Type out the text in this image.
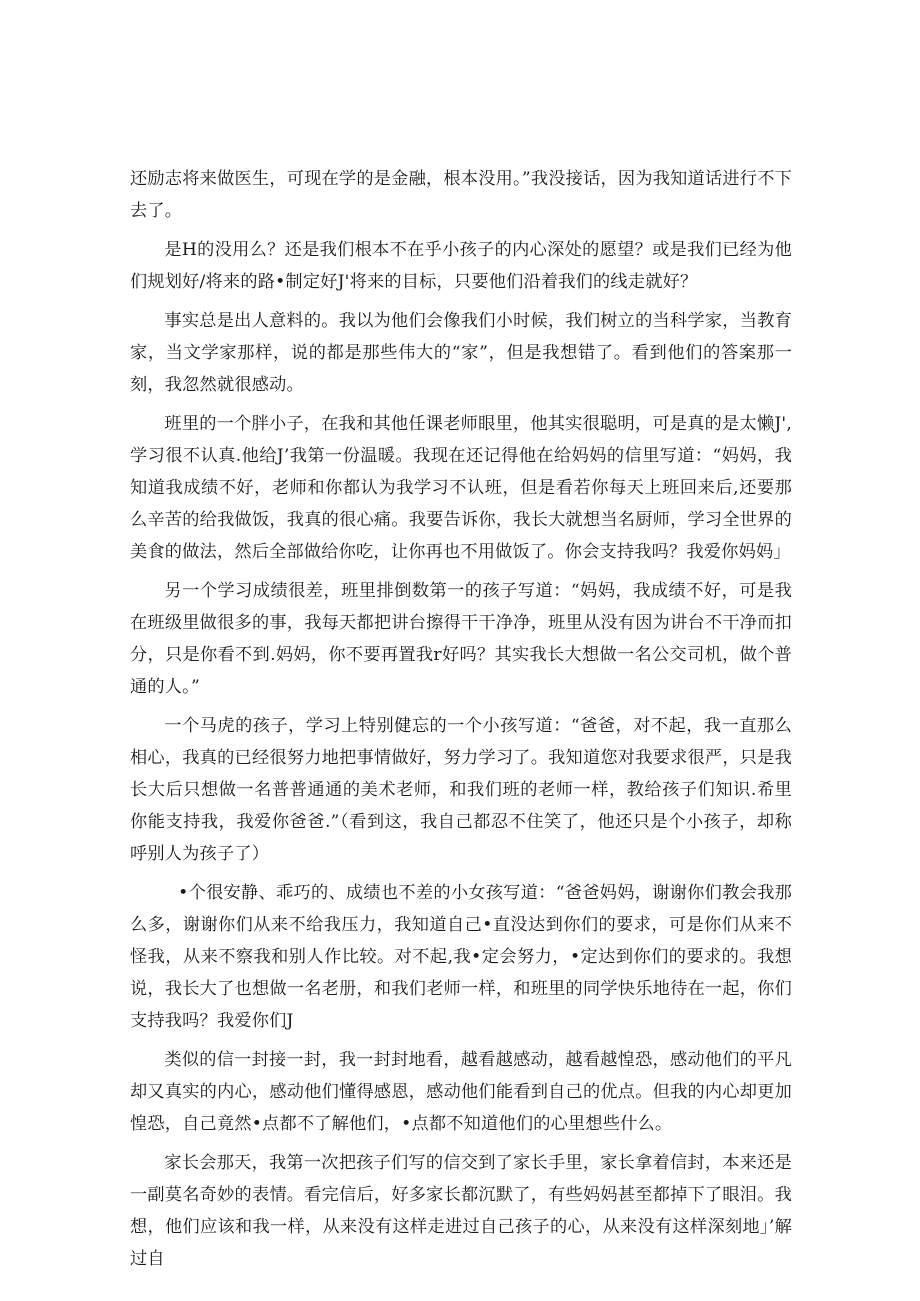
还励志将来做医生，可现在学的是金融，根本没用。”我没接话，因为我知道话进行不下去了。

是H的没用么？还是我们根本不在乎小孩子的内心深处的愿望？或是我们已经为他们规划好/将来的路•制定好J'将来的目标，只要他们沿着我们的线走就好？

事实总是出人意料的。我以为他们会像我们小时候，我们树立的当科学家，当教育家，当文学家那样，说的都是那些伟大的“家”，但是我想错了。看到他们的答案那一刻，我忽然就很感动。

班里的一个胖小子，在我和其他任课老师眼里，他其实很聪明，可是真的是太懒J',学习很不认真.他给J’我第一份温暖。我现在还记得他在给妈妈的信里写道：“妈妈，我知道我成绩不好，老师和你都认为我学习不认班，但是看若你每天上班回来后,还要那么辛苦的给我做饭，我真的很心痛。我要告诉你，我长大就想当名厨师，学习全世界的美食的做法，然后全部做给你吃，让你再也不用做饭了。你会支持我吗？我爱你妈妈」

另一个学习成绩很差，班里排倒数第一的孩子写道：“妈妈，我成绩不好，可是我在班级里做很多的事，我每天都把讲台擦得干干净净，班里从没有因为讲台不干净而扣分，只是你看不到.妈妈，你不要再置我r好吗？其实我长大想做一名公交司机，做个普通的人。”

一个马虎的孩子，学习上特别健忘的一个小孩写道：“爸爸，对不起，我一直那么相心，我真的已经很努力地把事情做好，努力学习了。我知道您对我要求很严，只是我长大后只想做一名普普通通的美术老师，和我们班的老师一样，教给孩子们知识.希里你能支持我，我爱你爸爸.”（看到这，我自己都忍不住笑了，他还只是个小孩子，却称呼别人为孩子了）

•个很安静、乖巧的、成绩也不差的小女孩写道：“爸爸妈妈，谢谢你们教会我那么多，谢谢你们从来不给我压力，我知道自己•直没达到你们的要求，可是你们从来不怪我，从来不察我和别人作比较。对不起,我•定会努力，•定达到你们的要求的。我想说，我长大了也想做一名老册，和我们老师一样，和班里的同学快乐地待在一起，你们支持我吗？我爱你们J

类似的信一封接一封，我一封封地看，越看越感动，越看越惶恐，感动他们的平凡却又真实的内心，感动他们懂得感恩，感动他们能看到自己的优点。但我的内心却更加惶恐，自己竟然•点都不了解他们，•点都不知道他们的心里想些什么。

家长会那天，我第一次把孩子们写的信交到了家长手里，家长拿着信封，本来还是一副莫名奇妙的表情。看完信后，好多家长都沉默了，有些妈妈甚至都掉下了眼泪。我想，他们应该和我一样，从来没有这样走进过自己孩子的心，从来没有这样深刻地」’解过自
